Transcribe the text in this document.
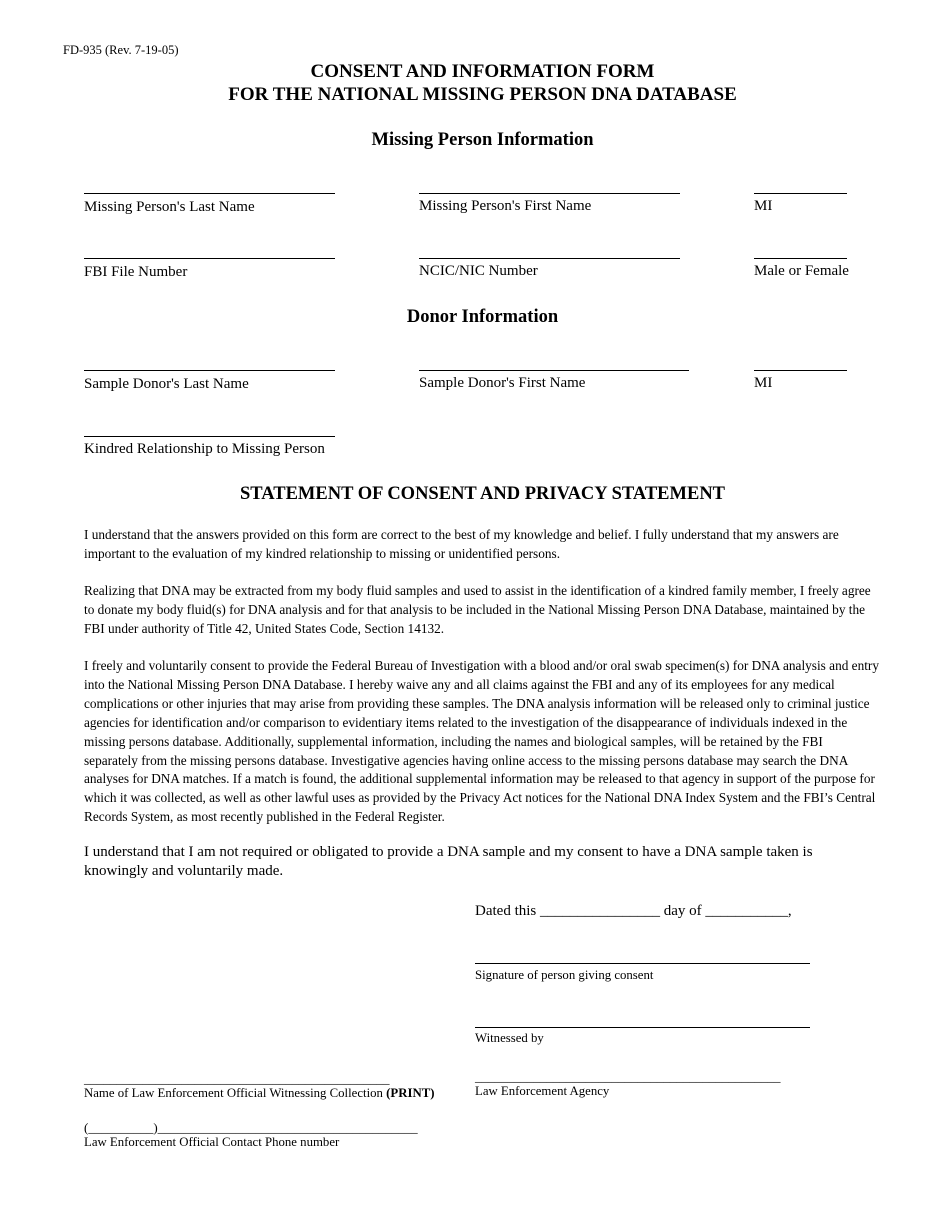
FD-935 (Rev. 7-19-05)
CONSENT AND INFORMATION FORM
FOR THE NATIONAL MISSING PERSON DNA DATABASE
Missing Person Information
Missing Person's Last Name	Missing Person's First Name	MI
FBI File Number	NCIC/NIC Number	Male or Female
Donor Information
Sample Donor's Last Name	Sample Donor's First Name	MI
Kindred Relationship to Missing Person
STATEMENT OF CONSENT AND PRIVACY STATEMENT

I understand that the answers provided on this form are correct to the best of my knowledge and belief. I fully understand that my answers are important to the evaluation of my kindred relationship to missing or unidentified persons.

Realizing that DNA may be extracted from my body fluid samples and used to assist in the identification of a kindred family member, I freely agree to donate my body fluid(s) for DNA analysis and for that analysis to be included in the National Missing Person DNA Database, maintained by the FBI under authority of Title 42, United States Code, Section 14132.

I freely and voluntarily consent to provide the Federal Bureau of Investigation with a blood and/or oral swab specimen(s) for DNA analysis and entry into the National Missing Person DNA Database. I hereby waive any and all claims against the FBI and any of its employees for any medical complications or other injuries that may arise from providing these samples. The DNA analysis information will be released only to criminal justice agencies for identification and/or comparison to evidentiary items related to the investigation of the disappearance of individuals indexed in the missing persons database. Additionally, supplemental information, including the names and biological samples, will be retained by the FBI separately from the missing persons database. Investigative agencies having online access to the missing persons database may search the DNA analyses for DNA matches. If a match is found, the additional supplemental information may be released to that agency in support of the purpose for which it was collected, as well as other lawful uses as provided by the Privacy Act notices for the National DNA Index System and the FBI’s Central Records System, as most recently published in the Federal Register.

I understand that I am not required or obligated to provide a DNA sample and my consent to have a DNA sample taken is knowingly and voluntarily made.

Dated this ________________ day of ___________,
Signature of person giving consent
Witnessed by
_______________________________________________
Law Enforcement Agency
_______________________________________________
Name of Law Enforcement Official Witnessing Collection (PRINT)
(__________)________________________________________
Law Enforcement Official Contact Phone number
